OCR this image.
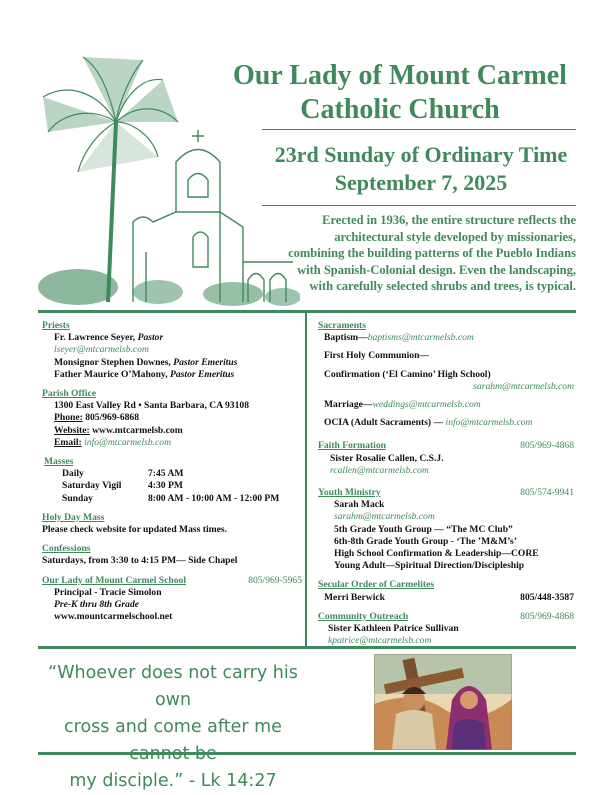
Our Lady of Mount Carmel
Catholic Church
23rd Sunday of Ordinary Time
September 7, 2025
Erected in 1936, the entire structure reflects the architectural style developed by missionaries, combining the building patterns of the Pueblo Indians with Spanish-Colonial design. Even the landscaping, with carefully selected shrubs and trees, is typical.
Priests
Fr. Lawrence Seyer, Pastor
lseyer@mtcarmelsb.com
Monsignor Stephen Downes, Pastor Emeritus
Father Maurice O’Mahony, Pastor Emeritus
Parish Office
1300 East Valley Rd • Santa Barbara, CA 93108
Phone: 805/969-6868
Website: www.mtcarmelsb.com
Email: info@mtcarmelsb.com
Masses
Daily	7:45 AM
Saturday Vigil	4:30 PM
Sunday	8:00 AM - 10:00 AM - 12:00 PM
Holy Day Mass
Please check website for updated Mass times.
Confessions
Saturdays, from 3:30 to 4:15 PM— Side Chapel
Our Lady of Mount Carmel School	805/969-5965
Principal - Tracie Simolon
Pre-K thru 8th Grade
www.mountcarmelschool.net
Sacraments
Baptism—baptisms@mtcarmelsb.com
First Holy Communion—
Confirmation (‘El Camino’ High School)
sarahm@mtcarmelsb.com
Marriage—weddings@mtcarmelsb.com
OCIA (Adult Sacraments) — info@mtcarmelsb.com
Faith Formation	805/969-4868
Sister Rosalie Callen, C.S.J.
rcallen@mtcarmelsb.com
Youth Ministry	805/574-9941
Sarah Mack
sarahm@mtcarmelsb.com
5th Grade Youth Group — “The MC Club”
6th-8th Grade Youth Group - ‘The ’M&M’s’
High School Confirmation & Leadership—CORE
Young Adult—Spiritual Direction/Discipleship
Secular Order of Carmelites
Merri Berwick	805/448-3587
Community Outreach	805/969-4868
Sister Kathleen Patrice Sullivan
kpatrice@mtcarmelsb.com
“Whoever does not carry his own
cross and come after me
my disciple.” - Lk 14:27
